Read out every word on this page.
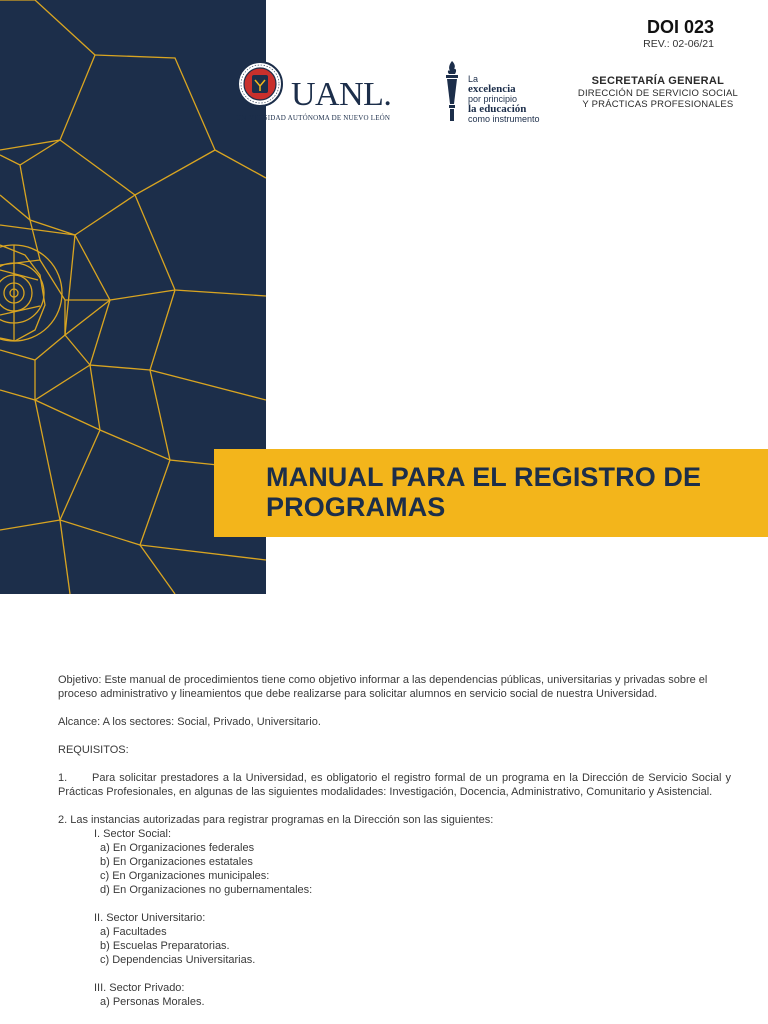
DOI 023
REV.: 02-06/21
UANL.
UNIVERSIDAD AUTÓNOMA DE NUEVO LEÓN
La
excelencia
por principio
la educación
como instrumento
SECRETARÍA GENERAL
DIRECCIÓN DE SERVICIO SOCIAL
Y PRÁCTICAS PROFESIONALES
MANUAL PARA EL REGISTRO DE
PROGRAMAS

Objetivo: Este manual de procedimientos tiene como objetivo informar a las dependencias públicas, universitarias y privadas sobre el proceso administrativo y lineamientos que debe realizarse para solicitar alumnos en servicio social de nuestra Universidad.

Alcance: A los sectores: Social, Privado, Universitario.

REQUISITOS:

1. Para solicitar prestadores a la Universidad, es obligatorio el registro formal de un programa en la Dirección de Servicio Social y Prácticas Profesionales, en algunas de las siguientes modalidades: Investigación, Docencia, Administrativo, Comunitario y Asistencial.

2. Las instancias autorizadas para registrar programas en la Dirección son las siguientes:
I. Sector Social:
a) En Organizaciones federales
b) En Organizaciones estatales
c) En Organizaciones municipales:
d) En Organizaciones no gubernamentales:
II. Sector Universitario:
a) Facultades
b) Escuelas Preparatorias.
c) Dependencias Universitarias.
III. Sector Privado:
a) Personas Morales.
